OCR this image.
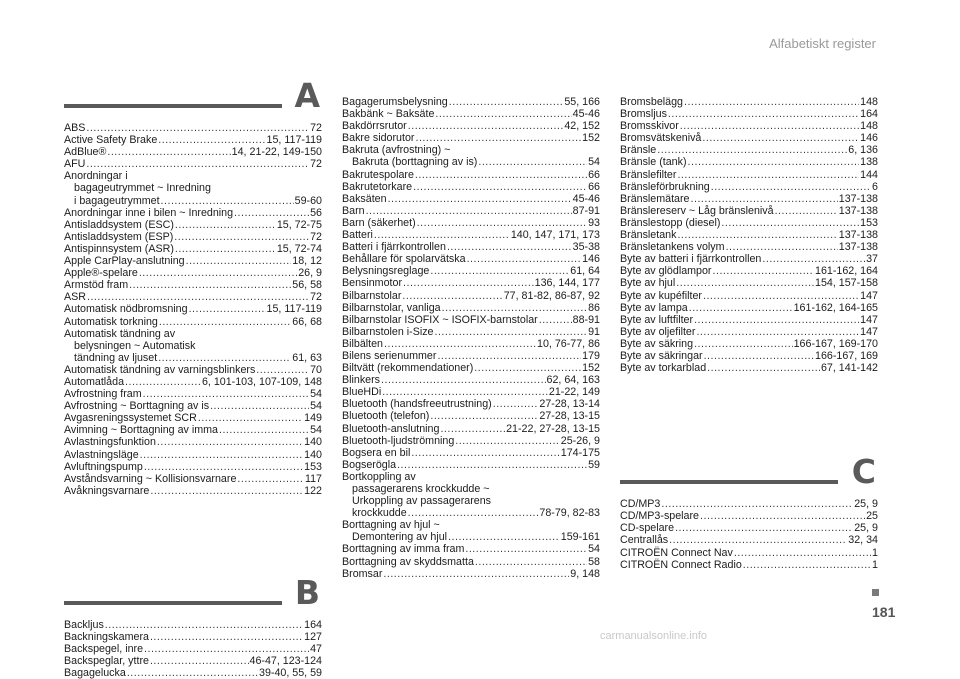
Alfabetiskt register
A
ABS .....	72
Active Safety Brake .....	15, 117-119
AdBlue® .....	14, 21-22, 149-150
AFU .....	72
Anordningar i
bagageutrymmet ~ Inredning
i bagageutrymmet .....	59-60
Anordningar inne i bilen ~ Inredning .....	56
Antisladdsystem (ESC) .....	15, 72-75
Antisladdsystem (ESP) .....	72
Antispinnsystem (ASR) .....	15, 72-74
Apple CarPlay-anslutning .....	18, 12
Apple®-spelare .....	26, 9
Armstöd fram .....	56, 58
ASR .....	72
Automatisk nödbromsning .....	15, 117-119
Automatisk torkning .....	66, 68
Automatisk tändning av
belysningen ~ Automatisk
tändning av ljuset .....	61, 63
Automatisk tändning av varningsblinkers .....	70
Automatlåda .....	6, 101-103, 107-109, 148
Avfrostning fram .....	54
Avfrostning ~ Borttagning av is .....	54
Avgasreningssystemet SCR .....	149
Avimning ~ Borttagning av imma .....	54
Avlastningsfunktion .....	140
Avlastningsläge .....	140
Avluftningspump .....	153
Avståndsvarning ~ Kollisionsvarnare .....	117
Avåkningsvarnare .....	122
B
Backljus .....	164
Backningskamera .....	127
Backspegel, inre .....	47
Backspeglar, yttre .....	46-47, 123-124
Bagagelucka .....	39-40, 55, 59
Bagagerumsbelysning .....	55, 166
Bakbänk ~ Baksäte .....	45-46
Bakdörrsrutor .....	42, 152
Bakre sidorutor .....	152
Bakruta (avfrostning) ~
Bakruta (borttagning av is) .....	54
Bakrutespolare .....	66
Bakrutetorkare .....	66
Baksäten .....	45-46
Barn .....	87-91
Barn (säkerhet) .....	93
Batteri .....	140, 147, 171, 173
Batteri i fjärrkontrollen .....	35-38
Behållare för spolarvätska .....	146
Belysningsreglage .....	61, 64
Bensinmotor .....	136, 144, 177
Bilbarnstolar .....	77, 81-82, 86-87, 92
Bilbarnstolar, vanliga .....	86
Bilbarnstolar ISOFIX ~ ISOFIX-barnstolar .....	88-91
Bilbarnstolen i-Size .....	91
Bilbälten .....	10, 76-77, 86
Bilens serienummer .....	179
Biltvätt (rekommendationer) .....	152
Blinkers .....	62, 64, 163
BlueHDi .....	21-22, 149
Bluetooth (handsfreeutrustning) .....	27-28, 13-14
Bluetooth (telefon) .....	27-28, 13-15
Bluetooth-anslutning .....	21-22, 27-28, 13-15
Bluetooth-ljudströmning .....	25-26, 9
Bogsera en bil .....	174-175
Bogseröglа .....	59
Bortkoppling av
passagerarens krockkudde ~
Urkoppling av passagerarens
krockkudde .....	78-79, 82-83
Borttagning av hjul ~
Demontering av hjul .....	159-161
Borttagning av imma fram .....	54
Borttagning av skyddsmatta .....	58
Bromsar .....	9, 148
Bromsbelägg .....	148
Bromsljus .....	164
Bromsskivor .....	148
Bromsvätskenivå .....	146
Bränsle .....	6, 136
Bränsle (tank) .....	138
Bränslefilter .....	144
Bränsleförbrukning .....	6
Bränslemätare .....	137-138
Bränslereserv ~ Låg bränslenivå .....	137-138
Bränslestopp (diesel) .....	153
Bränsletank .....	137-138
Bränsletankens volym .....	137-138
Byte av batteri i fjärrkontrollen .....	37
Byte av glödlampor .....	161-162, 164
Byte av hjul .....	154, 157-158
Byte av kupéfilter .....	147
Byte av lampa .....	161-162, 164-165
Byte av luftfilter .....	147
Byte av oljefilter .....	147
Byte av säkring .....	166-167, 169-170
Byte av säkringar .....	166-167, 169
Byte av torkarblad .....	67, 141-142
C
CD/MP3 .....	25, 9
CD/MP3-spelare .....	25
CD-spelare .....	25, 9
Centrallås .....	32, 34
CITROËN Connect Nav .....	1
CITROËN Connect Radio .....	1
181
carmanualsonline.info
